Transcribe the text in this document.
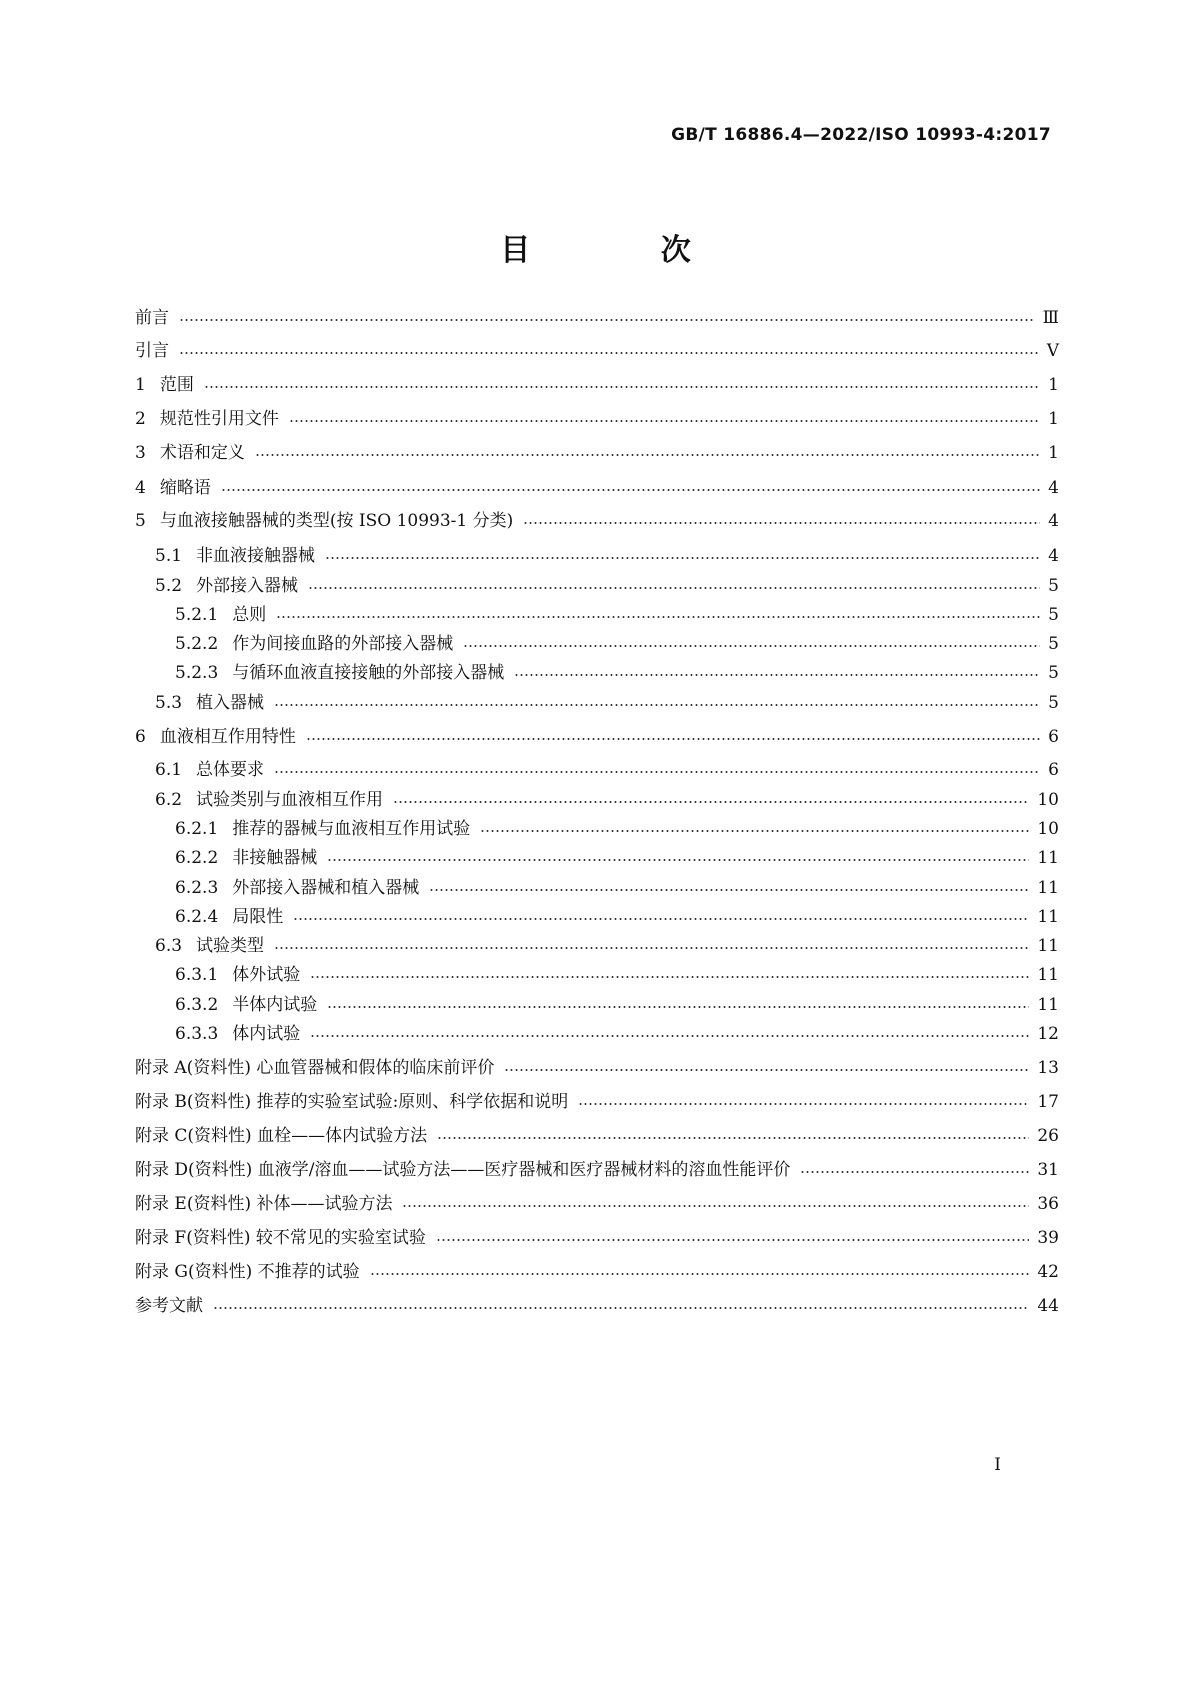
GB/T 16886.4—2022/ISO 10993-4:2017
目 次
前言	Ⅲ
引言	Ⅴ
1 范围	1
2 规范性引用文件	1
3 术语和定义	1
4 缩略语	4
5 与血液接触器械的类型(按 ISO 10993-1 分类)	4
5.1 非血液接触器械	4
5.2 外部接入器械	5
5.2.1 总则	5
5.2.2 作为间接血路的外部接入器械	5
5.2.3 与循环血液直接接触的外部接入器械	5
5.3 植入器械	5
6 血液相互作用特性	6
6.1 总体要求	6
6.2 试验类别与血液相互作用	10
6.2.1 推荐的器械与血液相互作用试验	10
6.2.2 非接触器械	11
6.2.3 外部接入器械和植入器械	11
6.2.4 局限性	11
6.3 试验类型	11
6.3.1 体外试验	11
6.3.2 半体内试验	11
6.3.3 体内试验	12
附录 A(资料性) 心血管器械和假体的临床前评价	13
附录 B(资料性) 推荐的实验室试验:原则、科学依据和说明	17
附录 C(资料性) 血栓——体内试验方法	26
附录 D(资料性) 血液学/溶血——试验方法——医疗器械和医疗器械材料的溶血性能评价	31
附录 E(资料性) 补体——试验方法	36
附录 F(资料性) 较不常见的实验室试验	39
附录 G(资料性) 不推荐的试验	42
参考文献	44
I
